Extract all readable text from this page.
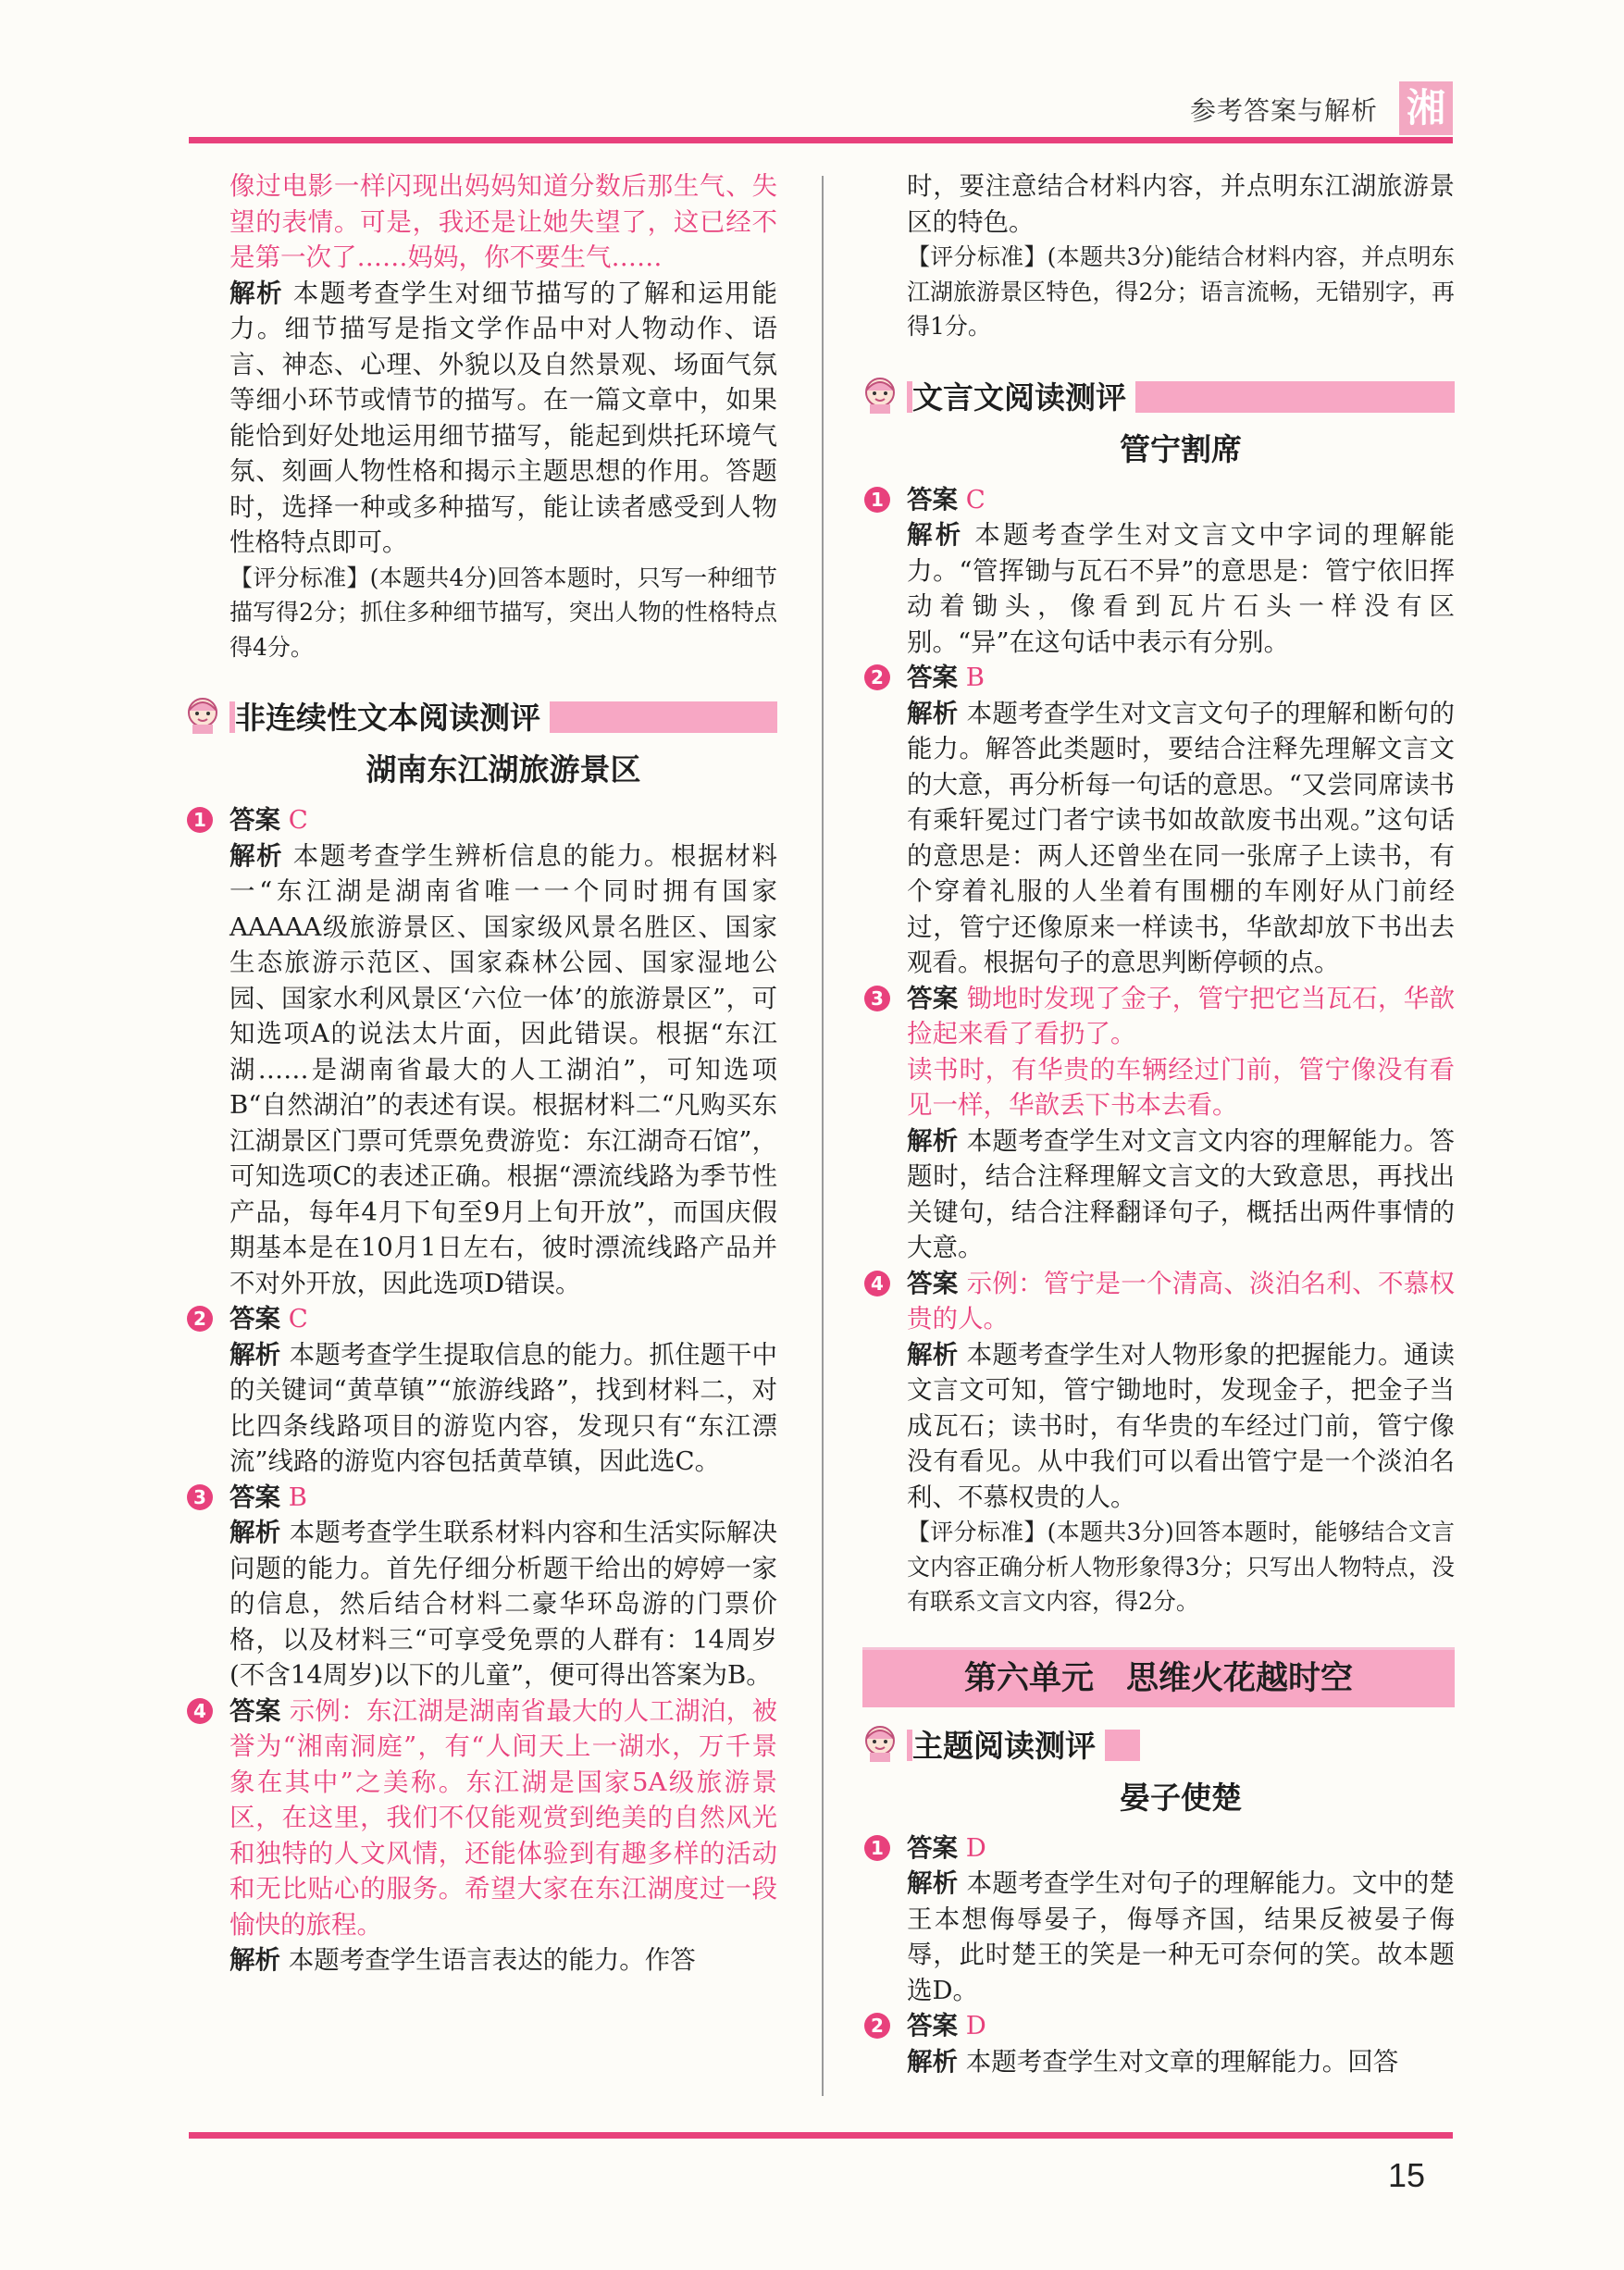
参考答案与解析 湘

像过电影一样闪现出妈妈知道分数后那生气、失望的表情。可是，我还是让她失望了，这已经不是第一次了……妈妈，你不要生气……

解析 本题考查学生对细节描写的了解和运用能力。细节描写是指文学作品中对人物动作、语言、神态、心理、外貌以及自然景观、场面气氛等细小环节或情节的描写。在一篇文章中，如果能恰到好处地运用细节描写，能起到烘托环境气氛、刻画人物性格和揭示主题思想的作用。答题时，选择一种或多种描写，能让读者感受到人物性格特点即可。

【评分标准】(本题共4分)回答本题时，只写一种细节描写得2分；抓住多种细节描写，突出人物的性格特点得4分。

非连续性文本阅读测评
湖南东江湖旅游景区
1 答案 C

解析 本题考查学生辨析信息的能力。根据材料一“东江湖是湖南省唯一一个同时拥有国家AAAAA级旅游景区、国家级风景名胜区、国家生态旅游示范区、国家森林公园、国家湿地公园、国家水利风景区‘六位一体’的旅游景区”，可知选项A的说法太片面，因此错误。根据“东江湖……是湖南省最大的人工湖泊”，可知选项B“自然湖泊”的表述有误。根据材料二“凡购买东江湖景区门票可凭票免费游览：东江湖奇石馆”，可知选项C的表述正确。根据“漂流线路为季节性产品，每年4月下旬至9月上旬开放”，而国庆假期基本是在10月1日左右，彼时漂流线路产品并不对外开放，因此选项D错误。

2 答案 C

解析 本题考查学生提取信息的能力。抓住题干中的关键词“黄草镇”“旅游线路”，找到材料二，对比四条线路项目的游览内容，发现只有“东江漂流”线路的游览内容包括黄草镇，因此选C。

3 答案 B

解析 本题考查学生联系材料内容和生活实际解决问题的能力。首先仔细分析题干给出的婷婷一家的信息，然后结合材料二豪华环岛游的门票价格，以及材料三“可享受免票的人群有：14周岁(不含14周岁)以下的儿童”，便可得出答案为B。

4 答案 示例：东江湖是湖南省最大的人工湖泊，被誉为“湘南洞庭”，有“人间天上一湖水，万千景象在其中”之美称。东江湖是国家5A级旅游景区，在这里，我们不仅能观赏到绝美的自然风光和独特的人文风情，还能体验到有趣多样的活动和无比贴心的服务。希望大家在东江湖度过一段愉快的旅程。

解析 本题考查学生语言表达的能力。作答

时，要注意结合材料内容，并点明东江湖旅游景区的特色。

【评分标准】(本题共3分)能结合材料内容，并点明东江湖旅游景区特色，得2分；语言流畅，无错别字，再得1分。

文言文阅读测评
管宁割席
1 答案 C

解析 本题考查学生对文言文中字词的理解能力。“管挥锄与瓦石不异”的意思是：管宁依旧挥动着锄头，像看到瓦片石头一样没有区别。“异”在这句话中表示有分别。

2 答案 B

解析 本题考查学生对文言文句子的理解和断句的能力。解答此类题时，要结合注释先理解文言文的大意，再分析每一句话的意思。“又尝同席读书有乘轩冕过门者宁读书如故歆废书出观。”这句话的意思是：两人还曾坐在同一张席子上读书，有个穿着礼服的人坐着有围棚的车刚好从门前经过，管宁还像原来一样读书，华歆却放下书出去观看。根据句子的意思判断停顿的点。

3 答案 锄地时发现了金子，管宁把它当瓦石，华歆捡起来看了看扔了。

读书时，有华贵的车辆经过门前，管宁像没有看见一样，华歆丢下书本去看。

解析 本题考查学生对文言文内容的理解能力。答题时，结合注释理解文言文的大致意思，再找出关键句，结合注释翻译句子，概括出两件事情的大意。

4 答案 示例：管宁是一个清高、淡泊名利、不慕权贵的人。

解析 本题考查学生对人物形象的把握能力。通读文言文可知，管宁锄地时，发现金子，把金子当成瓦石；读书时，有华贵的车经过门前，管宁像没有看见。从中我们可以看出管宁是一个淡泊名利、不慕权贵的人。

【评分标准】(本题共3分)回答本题时，能够结合文言文内容正确分析人物形象得3分；只写出人物特点，没有联系文言文内容，得2分。

第六单元　思维火花越时空
主题阅读测评
晏子使楚
1 答案 D

解析 本题考查学生对句子的理解能力。文中的楚王本想侮辱晏子，侮辱齐国，结果反被晏子侮辱，此时楚王的笑是一种无可奈何的笑。故本题选D。

2 答案 D

解析 本题考查学生对文章的理解能力。回答

15
